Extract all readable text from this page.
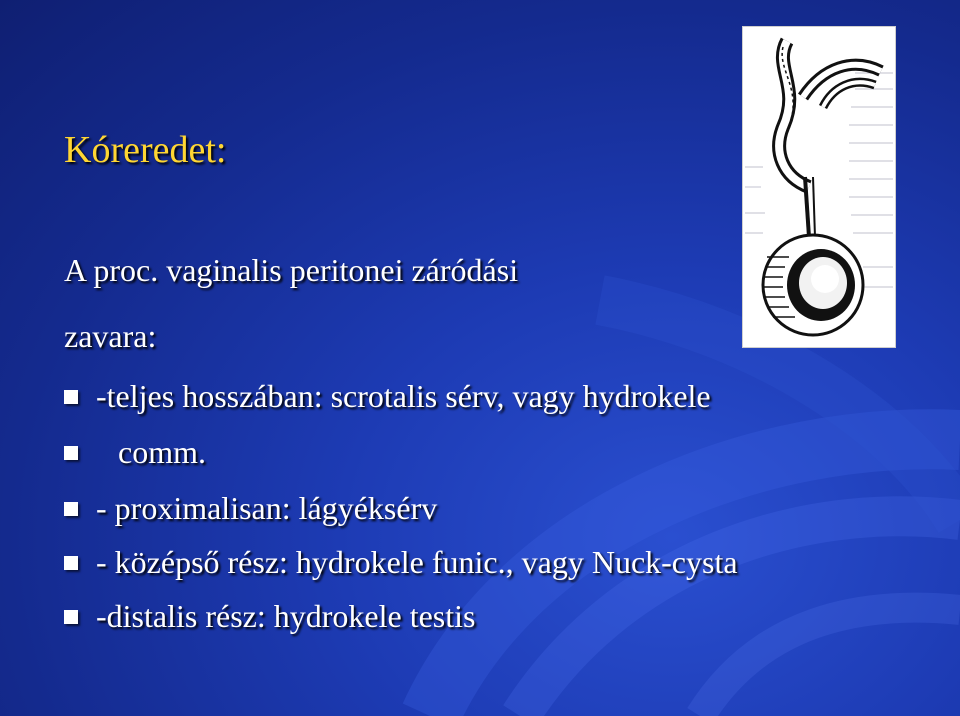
Kóreredet:
A proc. vaginalis peritonei záródási
zavara:
-teljes hosszában: scrotalis sérv, vagy hydrokele
comm.
- proximalisan: lágyéksérv
- középső rész: hydrokele funic., vagy Nuck-cysta
-distalis rész: hydrokele testis
